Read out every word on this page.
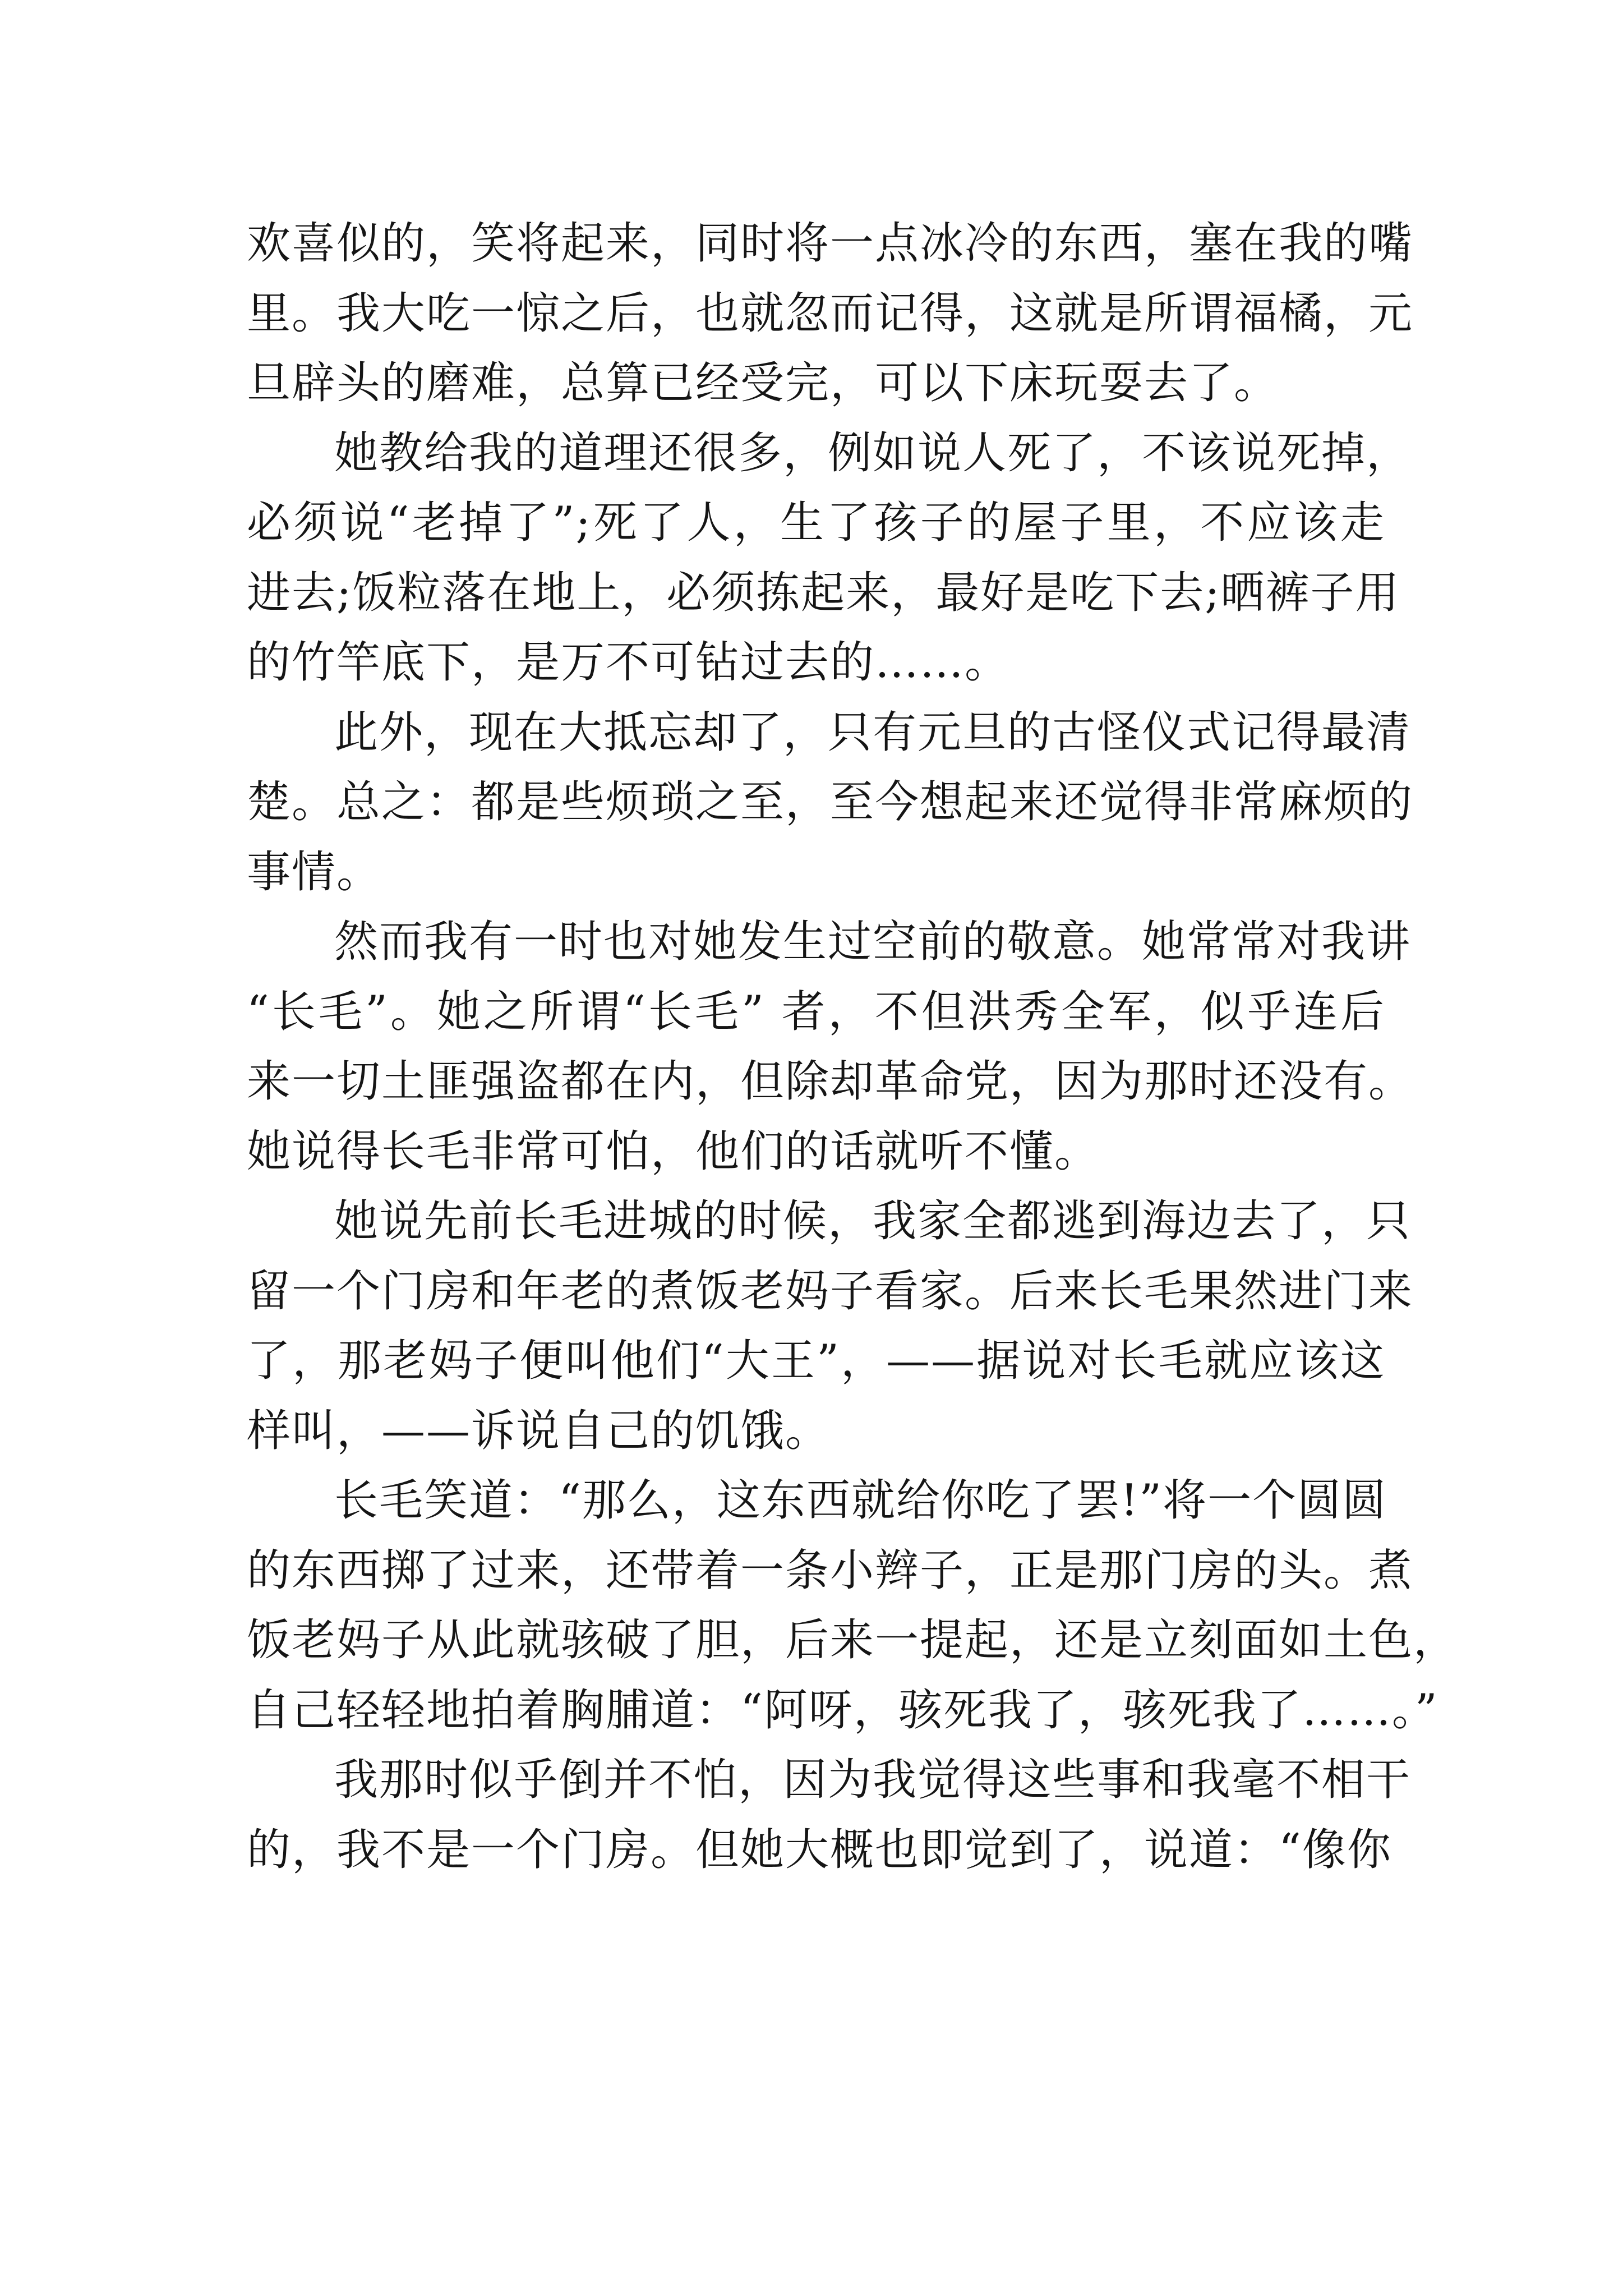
欢喜似的，笑将起来，同时将一点冰冷的东西，塞在我的嘴
里。我大吃一惊之后，也就忽而记得，这就是所谓福橘，元
旦辟头的磨难，总算已经受完，可以下床玩耍去了。
她教给我的道理还很多，例如说人死了，不该说死掉，
必须说“老掉了”;死了人，生了孩子的屋子里，不应该走
进去;饭粒落在地上，必须拣起来，最好是吃下去;晒裤子用
的竹竿底下，是万不可钻过去的……。
此外，现在大抵忘却了，只有元旦的古怪仪式记得最清
楚。总之：都是些烦琐之至，至今想起来还觉得非常麻烦的
事情。
然而我有一时也对她发生过空前的敬意。她常常对我讲
“长毛”。她之所谓“长毛” 者，不但洪秀全军，似乎连后
来一切土匪强盗都在内，但除却革命党，因为那时还没有。
她说得长毛非常可怕，他们的话就听不懂。
她说先前长毛进城的时候，我家全都逃到海边去了，只
留一个门房和年老的煮饭老妈子看家。后来长毛果然进门来
了，那老妈子便叫他们“大王”，——据说对长毛就应该这
样叫，——诉说自己的饥饿。
长毛笑道：“那么，这东西就给你吃了罢!”将一个圆圆
的东西掷了过来，还带着一条小辫子，正是那门房的头。煮
饭老妈子从此就骇破了胆，后来一提起，还是立刻面如土色，
自己轻轻地拍着胸脯道：“阿呀，骇死我了，骇死我了……。”
我那时似乎倒并不怕，因为我觉得这些事和我毫不相干
的，我不是一个门房。但她大概也即觉到了，说道：“像你
